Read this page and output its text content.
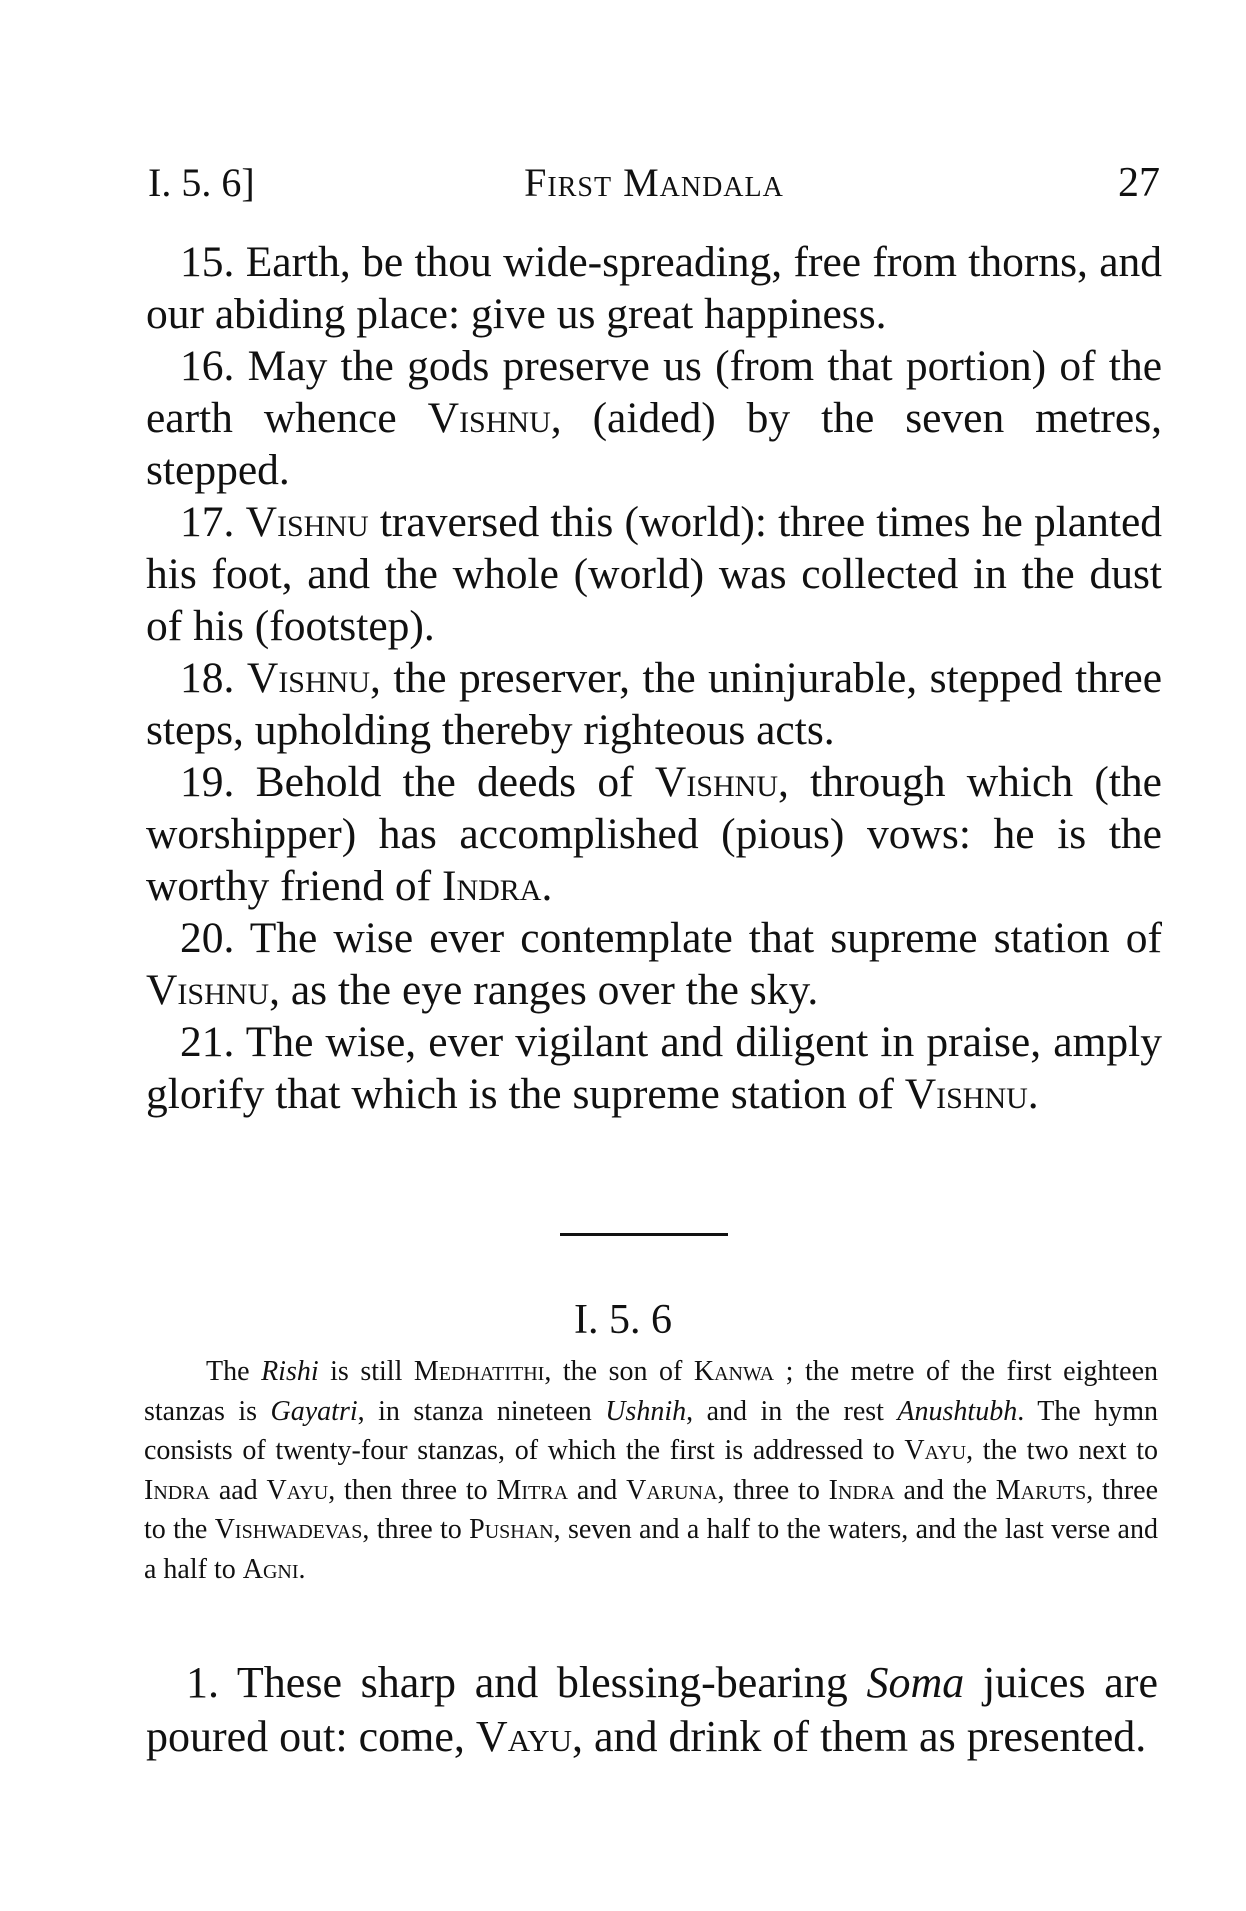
I. 5. 6]	First Mandala	27

15. Earth, be thou wide-spreading, free from thorns, and our abiding place: give us great happiness.

16. May the gods preserve us (from that portion) of the earth whence Vishnu, (aided) by the seven metres, stepped.

17. Vishnu traversed this (world): three times he planted his foot, and the whole (world) was collected in the dust of his (footstep).

18. Vishnu, the preserver, the uninjurable, stepped three steps, upholding thereby righteous acts.

19. Behold the deeds of Vishnu, through which (the worshipper) has accomplished (pious) vows: he is the worthy friend of Indra.

20. The wise ever contemplate that supreme station of Vishnu, as the eye ranges over the sky.

21. The wise, ever vigilant and diligent in praise, amply glorify that which is the supreme station of Vishnu.

I. 5. 6

The Rishi is still Medhatithi, the son of Kanwa ; the metre of the first eighteen stanzas is Gayatri, in stanza nineteen Ushnih, and in the rest Anushtubh. The hymn consists of twenty-four stanzas, of which the first is addressed to Vayu, the two next to Indra aad Vayu, then three to Mitra and Varuna, three to Indra and the Maruts, three to the Vishwadevas, three to Pushan, seven and a half to the waters, and the last verse and a half to Agni.

1. These sharp and blessing-bearing Soma juices are poured out: come, Vayu, and drink of them as presented.
